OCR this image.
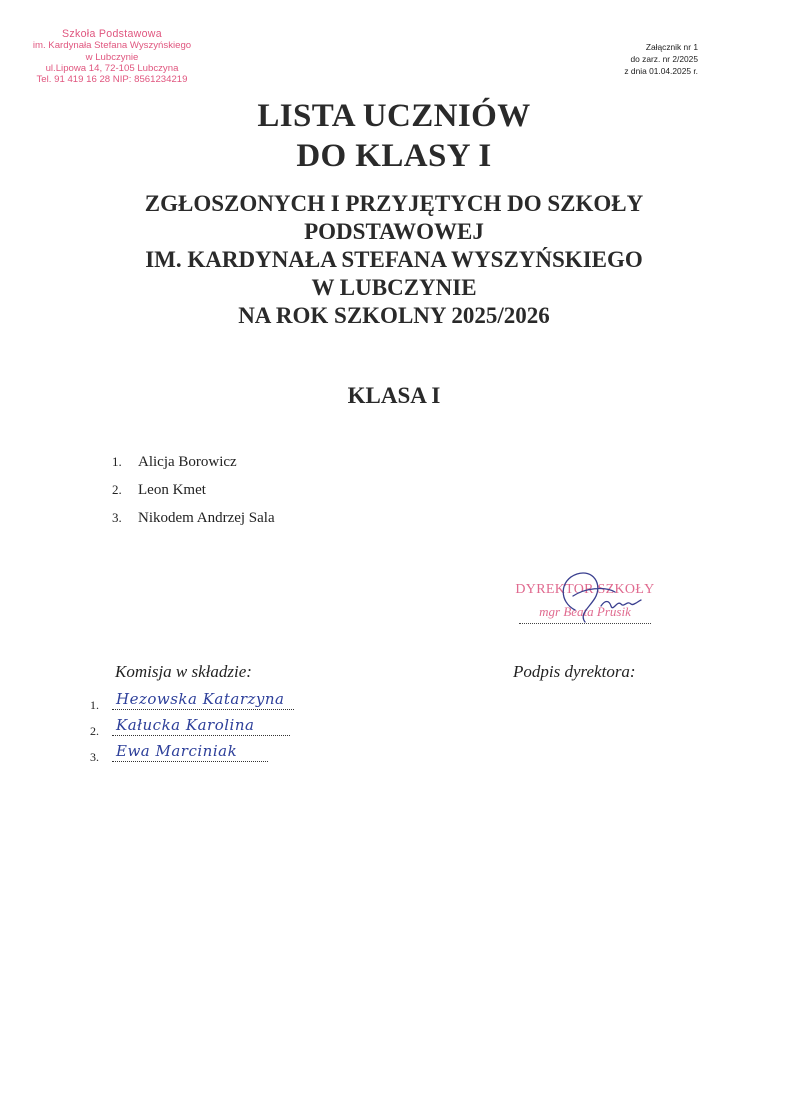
Szkoła Podstawowa
im. Kardynała Stefana Wyszyńskiego
w Lubczynie
ul.Lipowa 14, 72-105 Lubczyna
Tel. 91 419 16 28 NIP: 8561234219
Załącznik nr 1
do zarz. nr 2/2025
z dnia 01.04.2025 r.
LISTA UCZNIÓW
DO KLASY I
ZGŁOSZONYCH I PRZYJĘTYCH DO SZKOŁY
PODSTAWOWEJ
IM. KARDYNAŁA STEFANA WYSZYŃSKIEGO
W LUBCZYNIE
NA ROK SZKOLNY 2025/2026
KLASA I
1. Alicja Borowicz
2. Leon Kmet
3. Nikodem Andrzej Sala
DYREKTOR SZKOŁY
mgr Beata Prusik
Komisja w składzie:	Podpis dyrektora:
1. Hezowska Katarzyna
2. Kałucka Karolina
3. Ewa Marciniak
